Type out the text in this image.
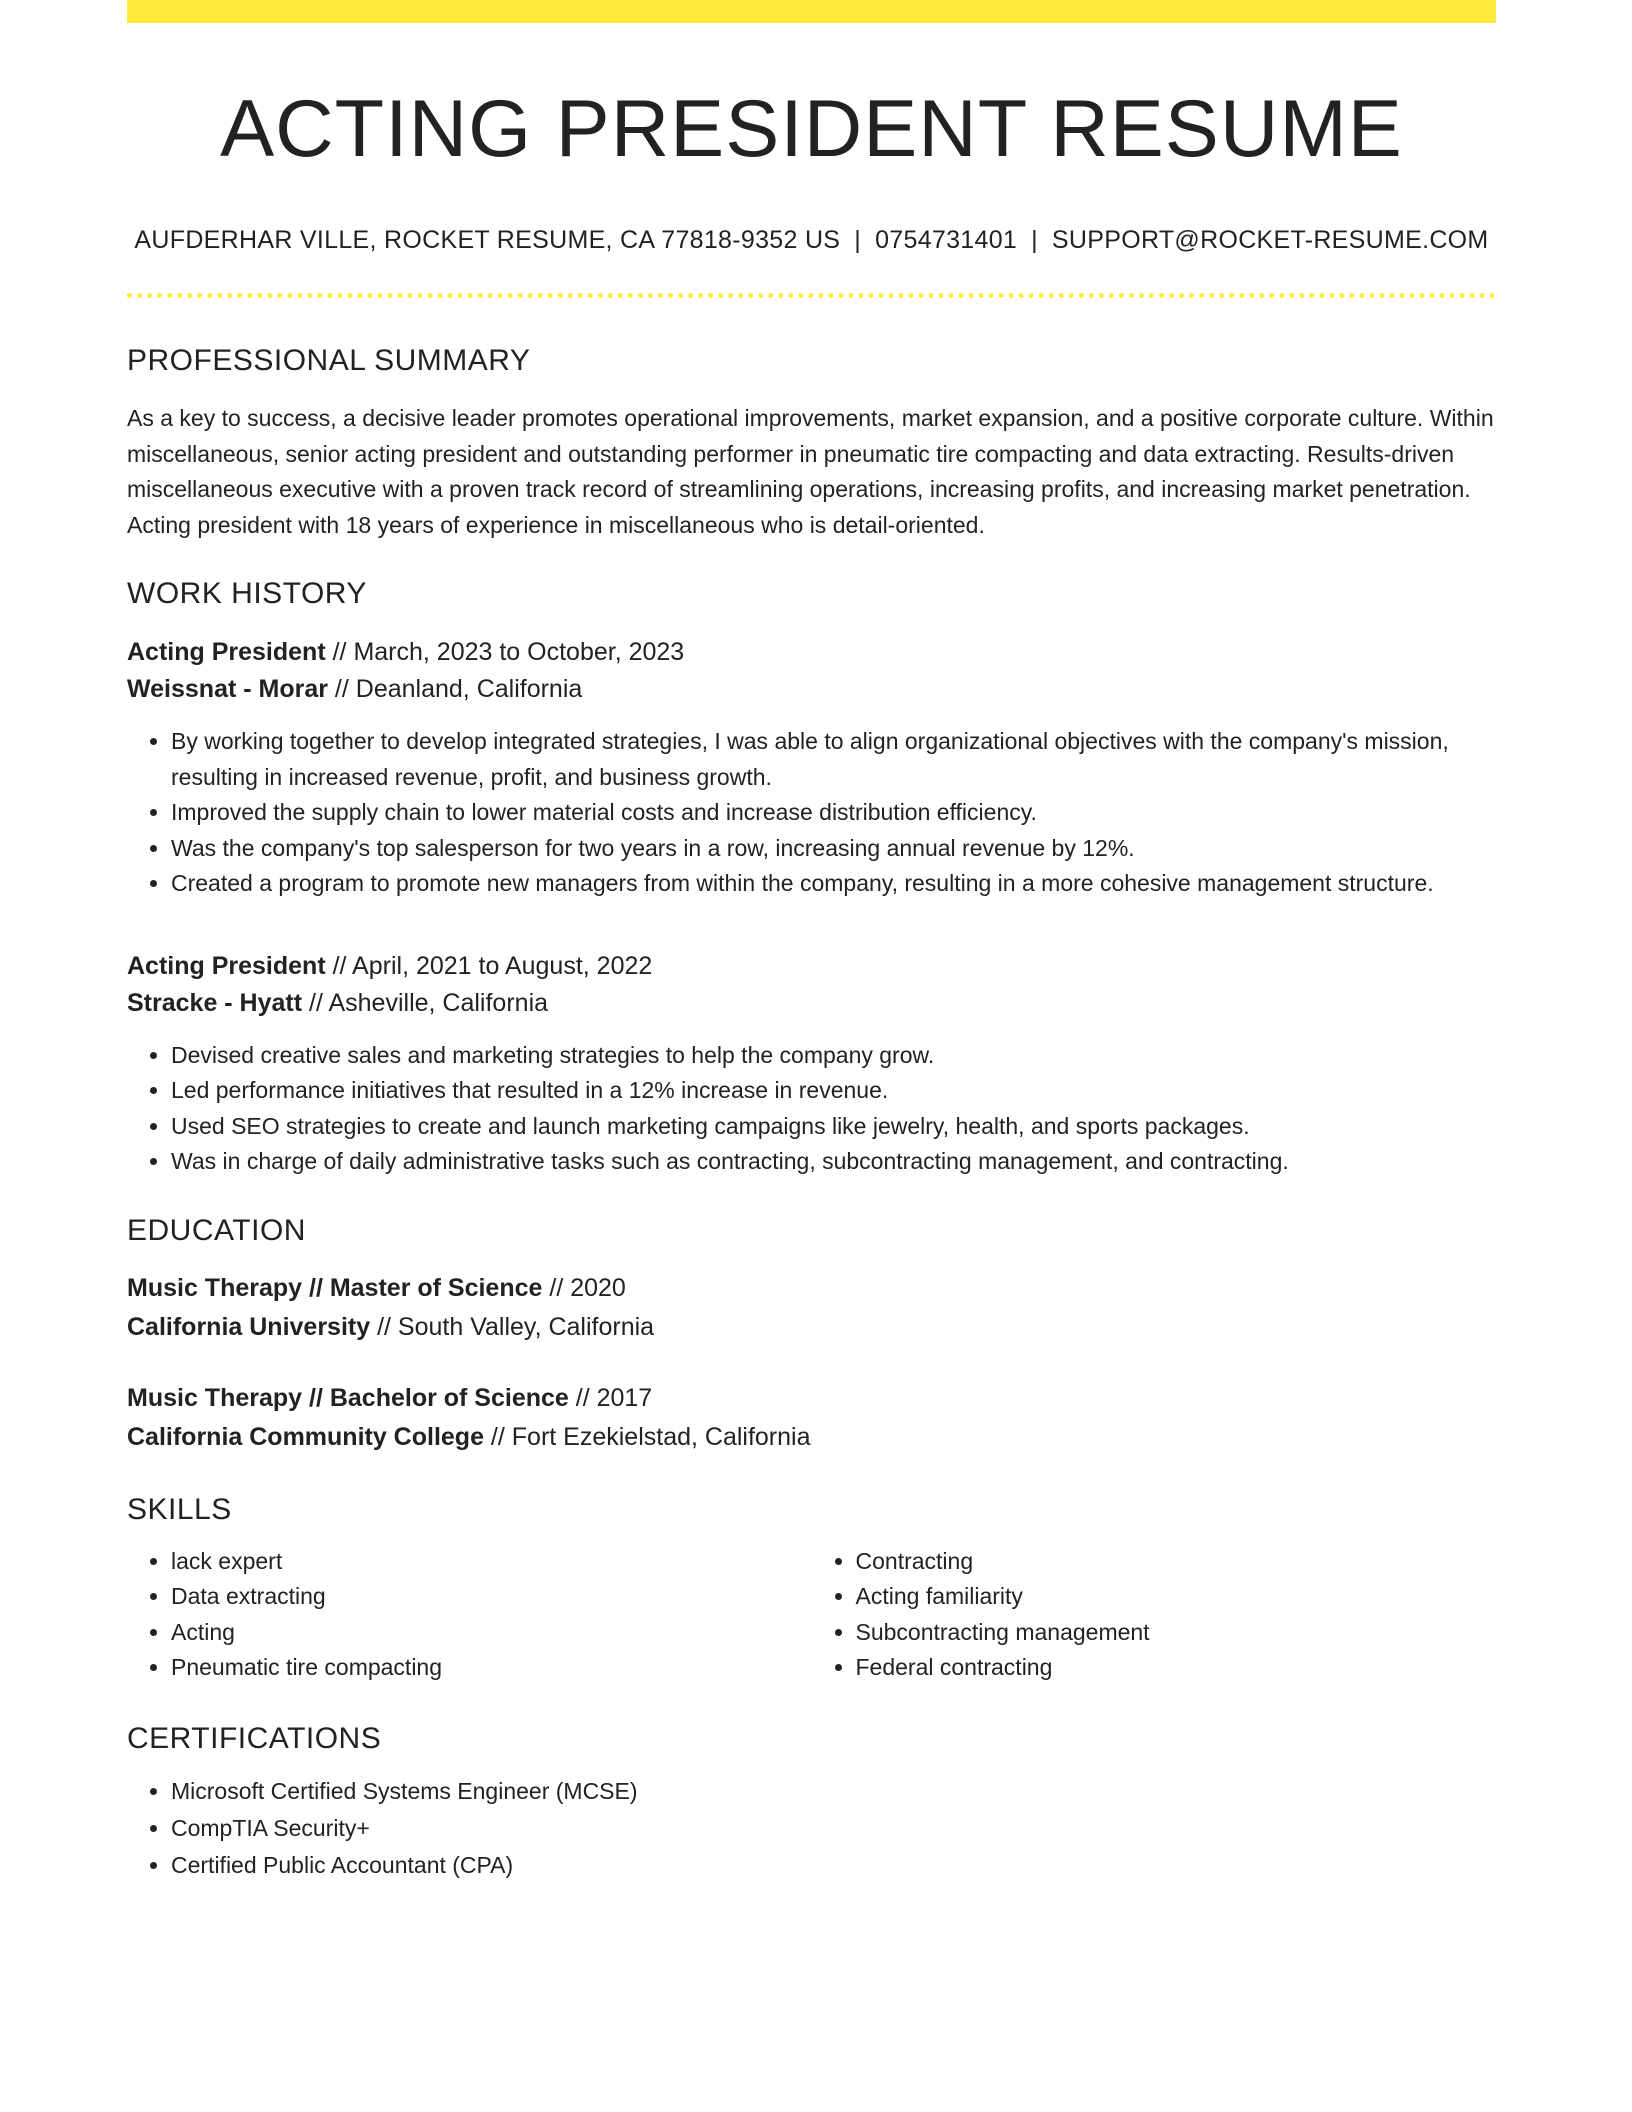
ACTING PRESIDENT RESUME
AUFDERHAR VILLE, ROCKET RESUME, CA 77818-9352 US | 0754731401 | SUPPORT@ROCKET-RESUME.COM
PROFESSIONAL SUMMARY
As a key to success, a decisive leader promotes operational improvements, market expansion, and a positive corporate culture. Within miscellaneous, senior acting president and outstanding performer in pneumatic tire compacting and data extracting. Results-driven miscellaneous executive with a proven track record of streamlining operations, increasing profits, and increasing market penetration. Acting president with 18 years of experience in miscellaneous who is detail-oriented.
WORK HISTORY
Acting President // March, 2023 to October, 2023
Weissnat - Morar // Deanland, California
• By working together to develop integrated strategies, I was able to align organizational objectives with the company's mission, resulting in increased revenue, profit, and business growth.
• Improved the supply chain to lower material costs and increase distribution efficiency.
• Was the company's top salesperson for two years in a row, increasing annual revenue by 12%.
• Created a program to promote new managers from within the company, resulting in a more cohesive management structure.
Acting President // April, 2021 to August, 2022
Stracke - Hyatt // Asheville, California
• Devised creative sales and marketing strategies to help the company grow.
• Led performance initiatives that resulted in a 12% increase in revenue.
• Used SEO strategies to create and launch marketing campaigns like jewelry, health, and sports packages.
• Was in charge of daily administrative tasks such as contracting, subcontracting management, and contracting.
EDUCATION
Music Therapy // Master of Science // 2020
California University // South Valley, California
Music Therapy // Bachelor of Science // 2017
California Community College // Fort Ezekielstad, California
SKILLS
• lack expert
• Data extracting
• Acting
• Pneumatic tire compacting
• Contracting
• Acting familiarity
• Subcontracting management
• Federal contracting
CERTIFICATIONS
• Microsoft Certified Systems Engineer (MCSE)
• CompTIA Security+
• Certified Public Accountant (CPA)
